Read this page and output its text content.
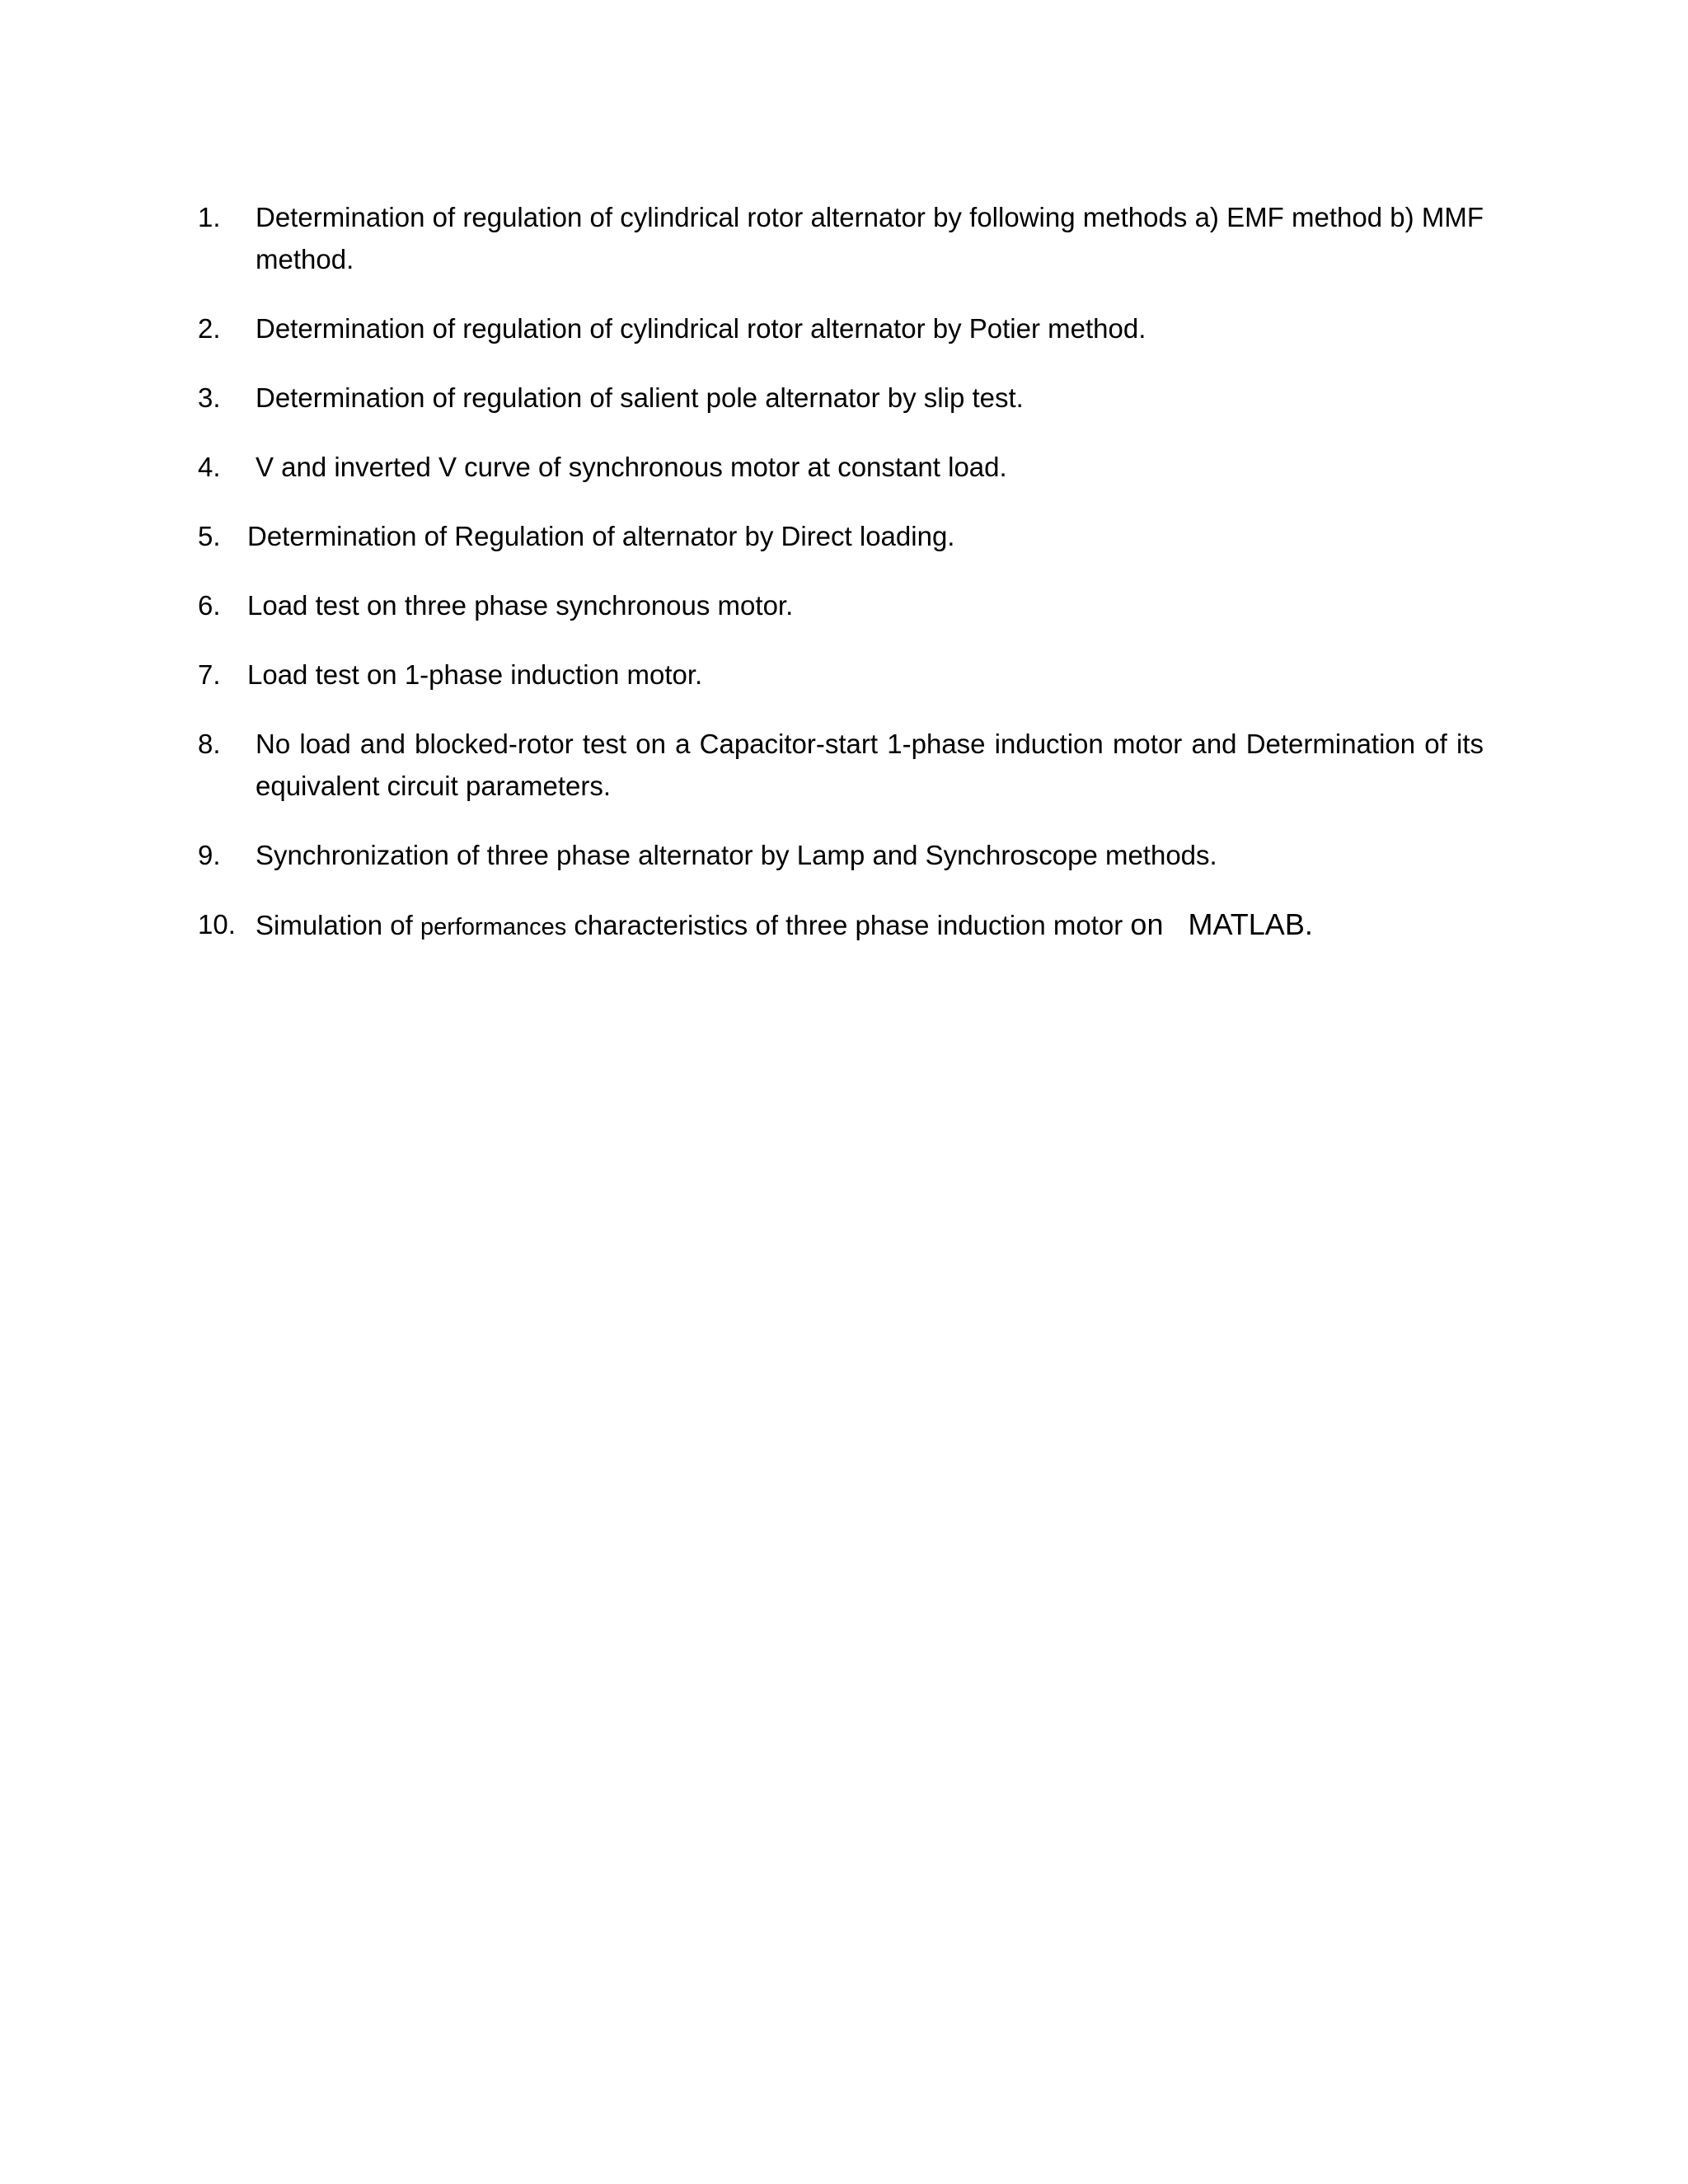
1. Determination of regulation of cylindrical rotor alternator by following methods a) EMF method b) MMF method.
2. Determination of regulation of cylindrical rotor alternator by Potier method.
3. Determination of regulation of salient pole alternator by slip test.
4. V and inverted V curve of synchronous motor at constant load.
5. Determination of Regulation of alternator by Direct loading.
6. Load test on three phase synchronous motor.
7. Load test on 1-phase induction motor.
8. No load and blocked-rotor test on a Capacitor-start 1-phase induction motor and Determination of its equivalent circuit parameters.
9. Synchronization of three phase alternator by Lamp and Synchroscope methods.
10. Simulation of performances characteristics of three phase induction motor on   MATLAB.
